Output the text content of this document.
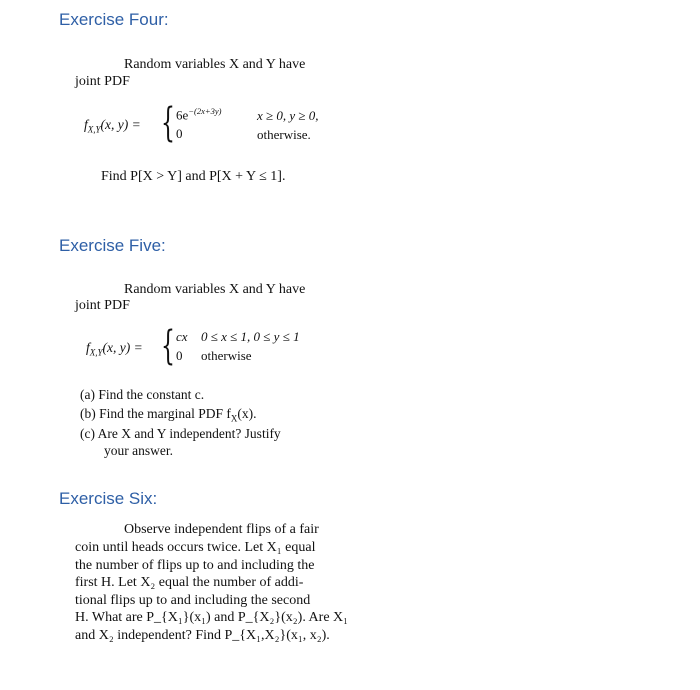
Exercise Four:
Random variables X and Y have
joint PDF
$f_{X,Y}(x$, y) = { $6e^{-(2x+3y)}$	x ≥ 0, y ≥ 0,
0	otherwise.
Find P[X > Y] and P[X + Y ≤ 1].
Exercise Five:
Random variables X and Y have
joint PDF
$f_{X,Y}(x$, y) = { cx 0 ≤ x ≤ 1, 0 ≤ y ≤ 1
0 otherwise
(a) Find the constant c.
(b) Find the marginal PDF $f_X(x)$.
(c) Are X and Y independent? Justify
your answer.
Exercise Six:
Observe independent flips of a fair
coin until heads occurs twice. Let X₁ equal
the number of flips up to and including the
first H. Let X₂ equal the number of addi-
tional flips up to and including the second
H. What are P_{X₁}(x₁) and P_{X₂}(x₂). Are X₁
and X₂ independent? Find P_{X₁,X₂}(x₁, x₂).
